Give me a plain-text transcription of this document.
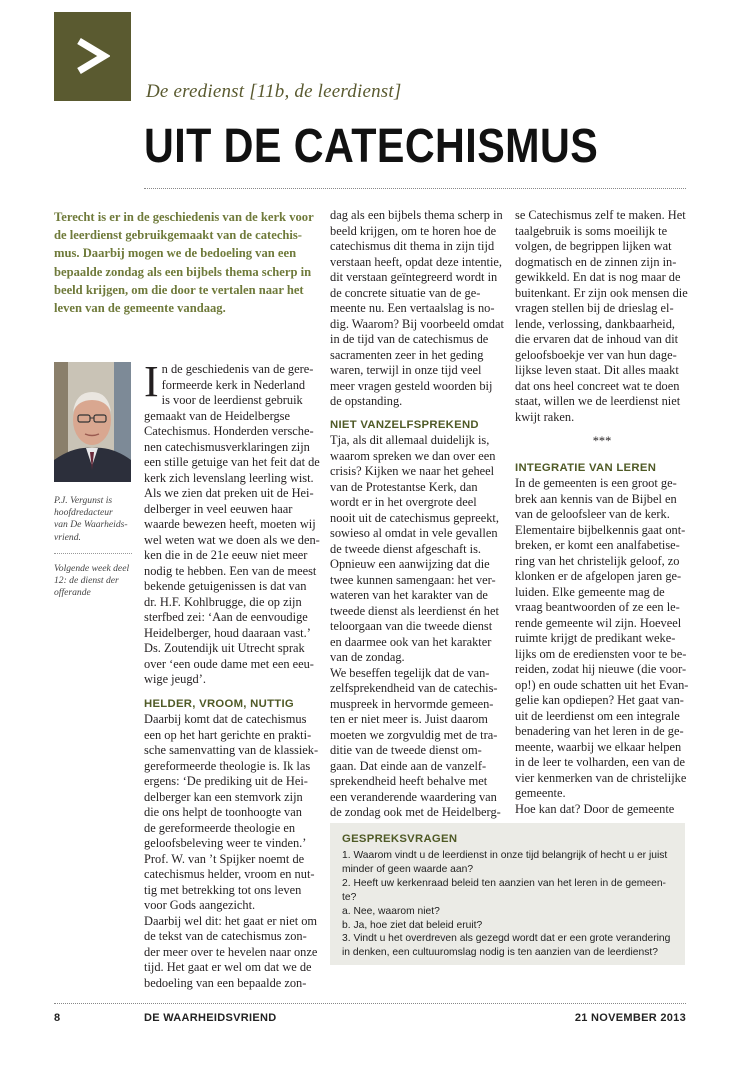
De eredienst [11b, de leerdienst]
UIT DE CATECHISMUS
Terecht is er in de geschiedenis van de kerk voor
de leerdienst gebruikgemaakt van de catechis-
mus. Daarbij mogen we de bedoeling van een
bepaalde zondag als een bijbels thema scherp in
beeld krijgen, om die door te vertalen naar het
leven van de gemeente vandaag.
P.J. Vergunst is
hoofdredacteur
van De Waarheids-
vriend.
Volgende week deel
12: de dienst der
offerande
I n de geschiedenis van de gere-
formeerde kerk in Nederland
is voor de leerdienst gebruik
gemaakt van de Heidelbergse
Catechismus. Honderden versche-
nen catechismusverklaringen zijn
een stille getuige van het feit dat de
kerk zich levenslang leerling wist.
Als we zien dat preken uit de Hei-
delberger in veel eeuwen haar
waarde bewezen heeft, moeten wij
wel weten wat we doen als we den-
ken die in de 21e eeuw niet meer
nodig te hebben. Een van de meest
bekende getuigenissen is dat van
dr. H.F. Kohlbrugge, die op zijn
sterfbed zei: ‘Aan de eenvoudige
Heidelberger, houd daaraan vast.’
Ds. Zoutendijk uit Utrecht sprak
over ‘een oude dame met een eeu-
wige jeugd’.
HELDER, VROOM, NUTTIG
Daarbij komt dat de catechismus
een op het hart gerichte en prakti-
sche samenvatting van de klassiek-
gereformeerde theologie is. Ik las
ergens: ‘De prediking uit de Hei-
delberger kan een stemvork zijn
die ons helpt de toonhoogte van
de gereformeerde theologie en
geloofsbeleving weer te vinden.’
Prof. W. van ’t Spijker noemt de
catechismus helder, vroom en nut-
tig met betrekking tot ons leven
voor Gods aangezicht.
Daarbij wel dit: het gaat er niet om
de tekst van de catechismus zon-
der meer over te hevelen naar onze
tijd. Het gaat er wel om dat we de
bedoeling van een bepaalde zon-
dag als een bijbels thema scherp in
beeld krijgen, om te horen hoe de
catechismus dit thema in zijn tijd
verstaan heeft, opdat deze intentie,
dit verstaan geïntegreerd wordt in
de concrete situatie van de ge-
meente nu. Een vertaalslag is no-
dig. Waarom? Bij voorbeeld omdat
in de tijd van de catechismus de
sacramenten zeer in het geding
waren, terwijl in onze tijd veel
meer vragen gesteld woorden bij
de opstanding.
NIET VANZELFSPREKEND
Tja, als dit allemaal duidelijk is,
waarom spreken we dan over een
crisis? Kijken we naar het geheel
van de Protestantse Kerk, dan
wordt er in het overgrote deel
nooit uit de catechismus gepreekt,
sowieso al omdat in vele gevallen
de tweede dienst afgeschaft is.
Opnieuw een aanwijzing dat die
twee kunnen samengaan: het ver-
wateren van het karakter van de
tweede dienst als leerdienst én het
teloorgaan van die tweede dienst
en daarmee ook van het karakter
van de zondag.
We beseffen tegelijk dat de van-
zelfsprekendheid van de catechis-
muspreek in hervormde gemeen-
ten er niet meer is. Juist daarom
moeten we zorgvuldig met de tra-
ditie van de tweede dienst om-
gaan. Dat einde aan de vanzelf-
sprekendheid heeft behalve met
een veranderende waardering van
de zondag ook met de Heidelberg-
se Catechismus zelf te maken. Het
taalgebruik is soms moeilijk te
volgen, de begrippen lijken wat
dogmatisch en de zinnen zijn in-
gewikkeld. En dat is nog maar de
buitenkant. Er zijn ook mensen die
vragen stellen bij de drieslag el-
lende, verlossing, dankbaarheid,
die ervaren dat de inhoud van dit
geloofsboekje ver van hun dage-
lijkse leven staat. Dit alles maakt
dat ons heel concreet wat te doen
staat, willen we de leerdienst niet
kwijt raken.
***
INTEGRATIE VAN LEREN
In de gemeenten is een groot ge-
brek aan kennis van de Bijbel en
van de geloofsleer van de kerk.
Elementaire bijbelkennis gaat ont-
breken, er komt een analfabetise-
ring van het christelijk geloof, zo
klonken er de afgelopen jaren ge-
luiden. Elke gemeente mag de
vraag beantwoorden of ze een le-
rende gemeente wil zijn. Hoeveel
ruimte krijgt de predikant weke-
lijks om de erediensten voor te be-
reiden, zodat hij nieuwe (die voor-
op!) en oude schatten uit het Evan-
gelie kan opdiepen? Het gaat van-
uit de leerdienst om een integrale
benadering van het leren in de ge-
meente, waarbij we elkaar helpen
in de leer te volharden, een van de
vier kenmerken van de christelijke
gemeente.
Hoe kan dat? Door de gemeente
GESPREKSVRAGEN
1. Waarom vindt u de leerdienst in onze tijd belangrijk of hecht u er juist
minder of geen waarde aan?
2. Heeft uw kerkenraad beleid ten aanzien van het leren in de gemeen-
te?
a. Nee, waarom niet?
b. Ja, hoe ziet dat beleid eruit?
3. Vindt u het overdreven als gezegd wordt dat er een grote verandering
in denken, een cultuuromslag nodig is ten aanzien van de leerdienst?
8	DE WAARHEIDSVRIEND	21 NOVEMBER 2013
